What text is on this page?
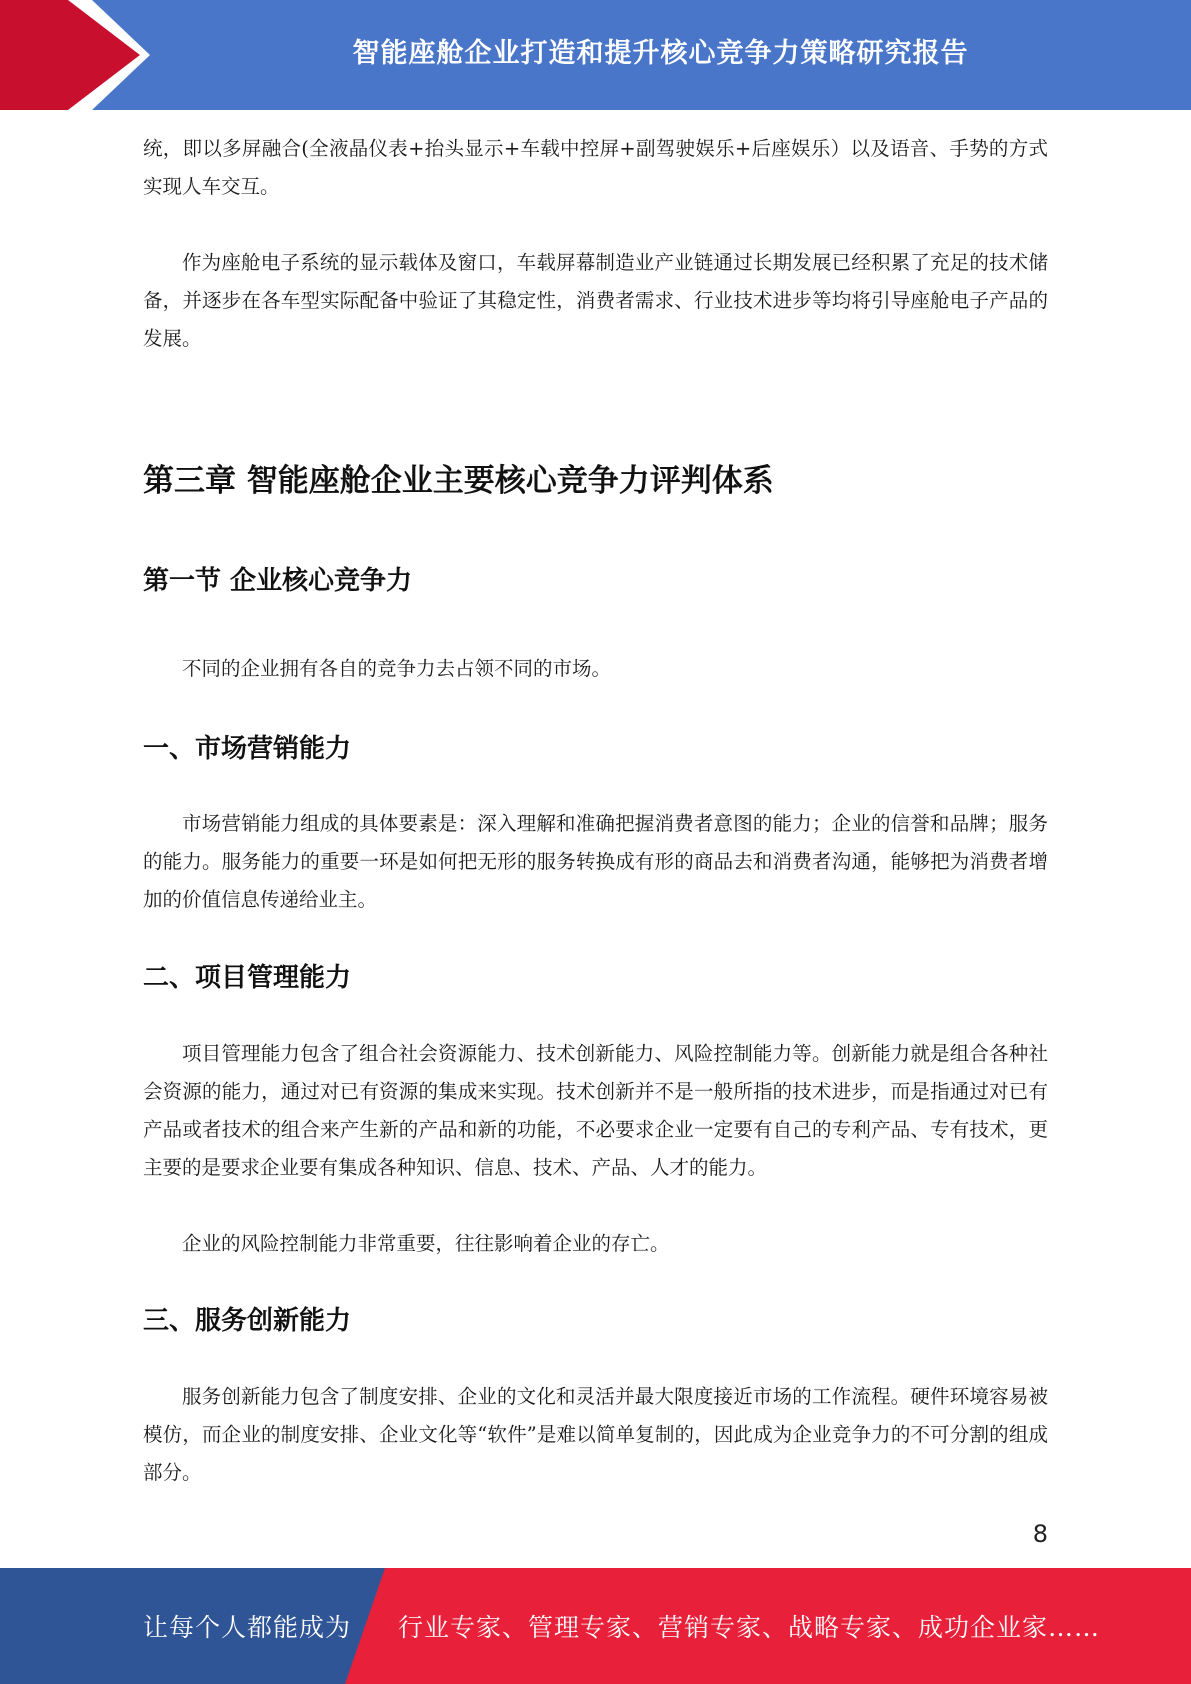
智能座舱企业打造和提升核心竞争力策略研究报告

统，即以多屏融合(全液晶仪表+抬头显示+车载中控屏+副驾驶娱乐+后座娱乐）以及语音、手势的方式实现人车交互。

作为座舱电子系统的显示载体及窗口，车载屏幕制造业产业链通过长期发展已经积累了充足的技术储备，并逐步在各车型实际配备中验证了其稳定性，消费者需求、行业技术进步等均将引导座舱电子产品的发展。

第三章 智能座舱企业主要核心竞争力评判体系
第一节 企业核心竞争力

不同的企业拥有各自的竞争力去占领不同的市场。

一、市场营销能力

市场营销能力组成的具体要素是：深入理解和准确把握消费者意图的能力；企业的信誉和品牌；服务的能力。服务能力的重要一环是如何把无形的服务转换成有形的商品去和消费者沟通，能够把为消费者增加的价值信息传递给业主。

二、项目管理能力

项目管理能力包含了组合社会资源能力、技术创新能力、风险控制能力等。创新能力就是组合各种社会资源的能力，通过对已有资源的集成来实现。技术创新并不是一般所指的技术进步，而是指通过对已有产品或者技术的组合来产生新的产品和新的功能，不必要求企业一定要有自己的专利产品、专有技术，更主要的是要求企业要有集成各种知识、信息、技术、产品、人才的能力。

企业的风险控制能力非常重要，往往影响着企业的存亡。

三、服务创新能力

服务创新能力包含了制度安排、企业的文化和灵活并最大限度接近市场的工作流程。硬件环境容易被模仿，而企业的制度安排、企业文化等“软件”是难以简单复制的，因此成为企业竞争力的不可分割的组成部分。

8
让每个人都能成为 行业专家、管理专家、营销专家、战略专家、成功企业家……
